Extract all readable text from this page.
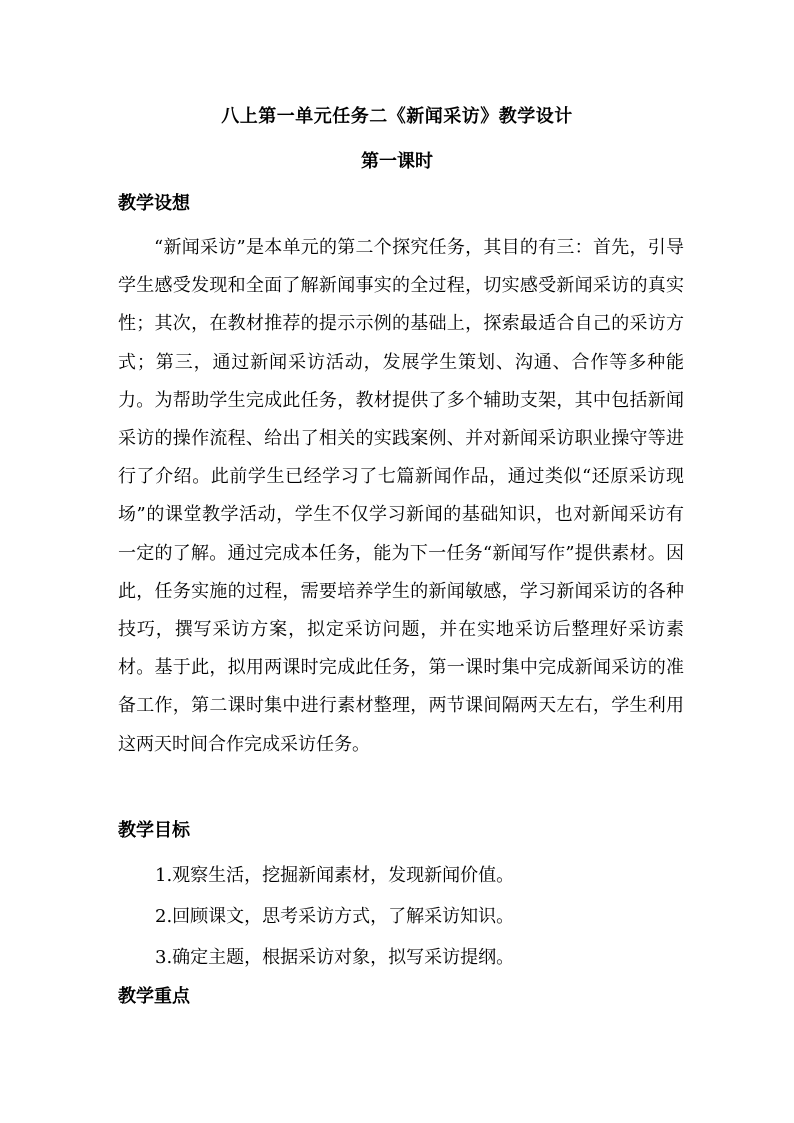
八上第一单元任务二《新闻采访》教学设计
第一课时
教学设想

“新闻采访”是本单元的第二个探究任务，其目的有三：首先，引导学生感受发现和全面了解新闻事实的全过程，切实感受新闻采访的真实性；其次，在教材推荐的提示示例的基础上，探索最适合自己的采访方式；第三，通过新闻采访活动，发展学生策划、沟通、合作等多种能力。为帮助学生完成此任务，教材提供了多个辅助支架，其中包括新闻采访的操作流程、给出了相关的实践案例、并对新闻采访职业操守等进行了介绍。此前学生已经学习了七篇新闻作品，通过类似“还原采访现场”的课堂教学活动，学生不仅学习新闻的基础知识，也对新闻采访有一定的了解。通过完成本任务，能为下一任务“新闻写作”提供素材。因此，任务实施的过程，需要培养学生的新闻敏感，学习新闻采访的各种技巧，撰写采访方案，拟定采访问题，并在实地采访后整理好采访素材。基于此，拟用两课时完成此任务，第一课时集中完成新闻采访的准备工作，第二课时集中进行素材整理，两节课间隔两天左右，学生利用这两天时间合作完成采访任务。

教学目标
1.观察生活，挖掘新闻素材，发现新闻价值。
2.回顾课文，思考采访方式，了解采访知识。
3.确定主题，根据采访对象，拟写采访提纲。
教学重点
